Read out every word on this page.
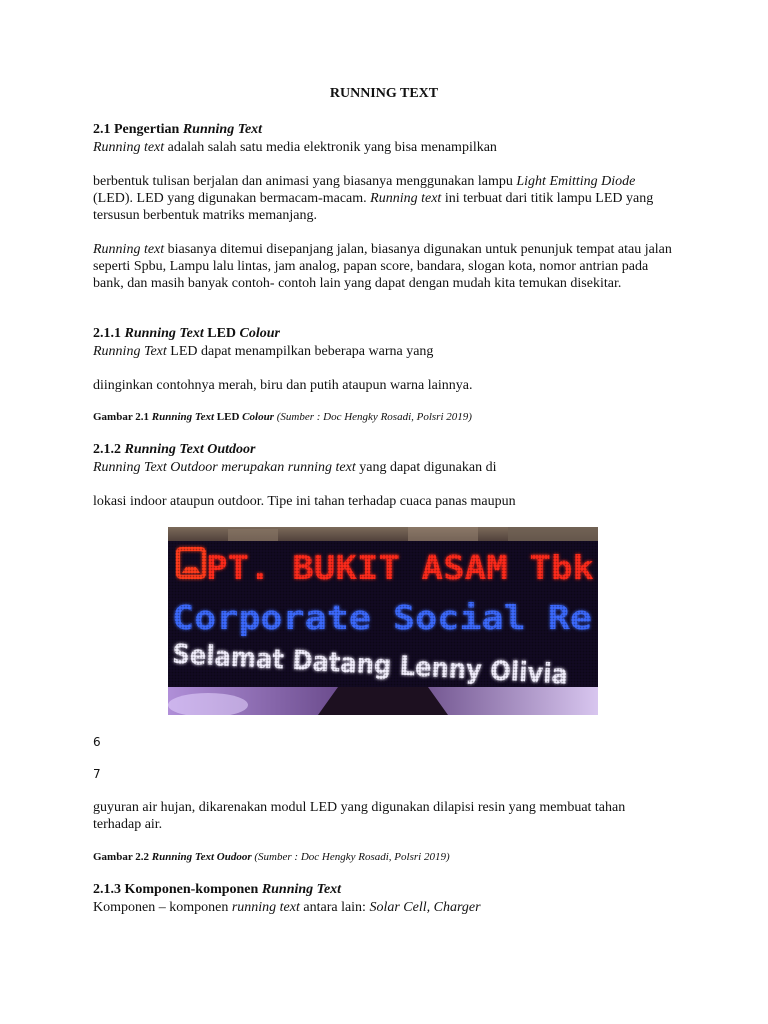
RUNNING TEXT

2.1 Pengertian Running Text

Running text adalah salah satu media elektronik yang bisa menampilkan

berbentuk tulisan berjalan dan animasi yang biasanya menggunakan lampu Light Emitting Diode (LED). LED yang digunakan bermacam-macam. Running text ini terbuat dari titik lampu LED yang tersusun berbentuk matriks memanjang.

Running text biasanya ditemui disepanjang jalan, biasanya digunakan untuk penunjuk tempat atau jalan seperti Spbu, Lampu lalu lintas, jam analog, papan score, bandara, slogan kota, nomor antrian pada bank, dan masih banyak contoh- contoh lain yang dapat dengan mudah kita temukan disekitar.

2.1.1 Running Text LED Colour

Running Text LED dapat menampilkan beberapa warna yang

diinginkan contohnya merah, biru dan putih ataupun warna lainnya.

Gambar 2.1 Running Text LED Colour (Sumber : Doc Hengky Rosadi, Polsri 2019)

2.1.2 Running Text Outdoor

Running Text Outdoor merupakan running text yang dapat digunakan di

lokasi indoor ataupun outdoor. Tipe ini tahan terhadap cuaca panas maupun

6

7

guyuran air hujan, dikarenakan modul LED yang digunakan dilapisi resin yang membuat tahan terhadap air.

Gambar 2.2 Running Text Oudoor (Sumber : Doc Hengky Rosadi, Polsri 2019)

2.1.3 Komponen-komponen Running Text

Komponen – komponen running text antara lain: Solar Cell, Charger
